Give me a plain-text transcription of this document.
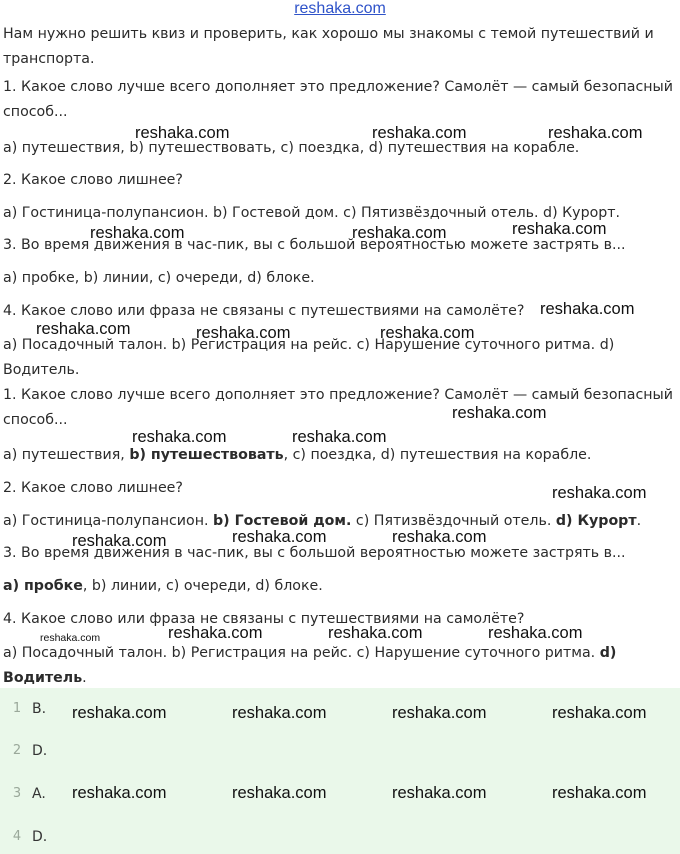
reshaka.com
Нам нужно решить квиз и проверить, как хорошо мы знакомы с темой путешествий и транспорта.
1. Какое слово лучше всего дополняет это предложение? Самолёт — самый безопасный способ...
a) путешествия, b) путешествовать, c) поездка, d) путешествия на корабле.
2. Какое слово лишнее?
a) Гостиница-полупансион. b) Гостевой дом. c) Пятизвёздочный отель. d) Курорт.
3. Во время движения в час-пик, вы с большой вероятностью можете застрять в...
a) пробке, b) линии, c) очереди, d) блоке.
4. Какое слово или фраза не связаны с путешествиями на самолёте?
a) Посадочный талон. b) Регистрация на рейс. c) Нарушение суточного ритма. d) Водитель.
1. Какое слово лучше всего дополняет это предложение? Самолёт — самый безопасный способ...
a) путешествия, b) путешествовать, c) поездка, d) путешествия на корабле.
2. Какое слово лишнее?
a) Гостиница-полупансион. b) Гостевой дом. c) Пятизвёздочный отель. d) Курорт.
3. Во время движения в час-пик, вы с большой вероятностью можете застрять в...
a) пробке, b) линии, c) очереди, d) блоке.
4. Какое слово или фраза не связаны с путешествиями на самолёте?
a) Посадочный талон. b) Регистрация на рейс. c) Нарушение суточного ритма. d)
Водитель.
1 B.
2 D.
3 A.
4 D.
reshaka.com	reshaka.com	reshaka.com
reshaka.com	reshaka.com	reshaka.com
reshaka.com
reshaka.com	reshaka.com	reshaka.com
reshaka.com
reshaka.com	reshaka.com
reshaka.com
reshaka.com	reshaka.com	reshaka.com
reshaka.com	reshaka.com	reshaka.com	reshaka.com
reshaka.com	reshaka.com	reshaka.com	reshaka.com
reshaka.com	reshaka.com	reshaka.com	reshaka.com
